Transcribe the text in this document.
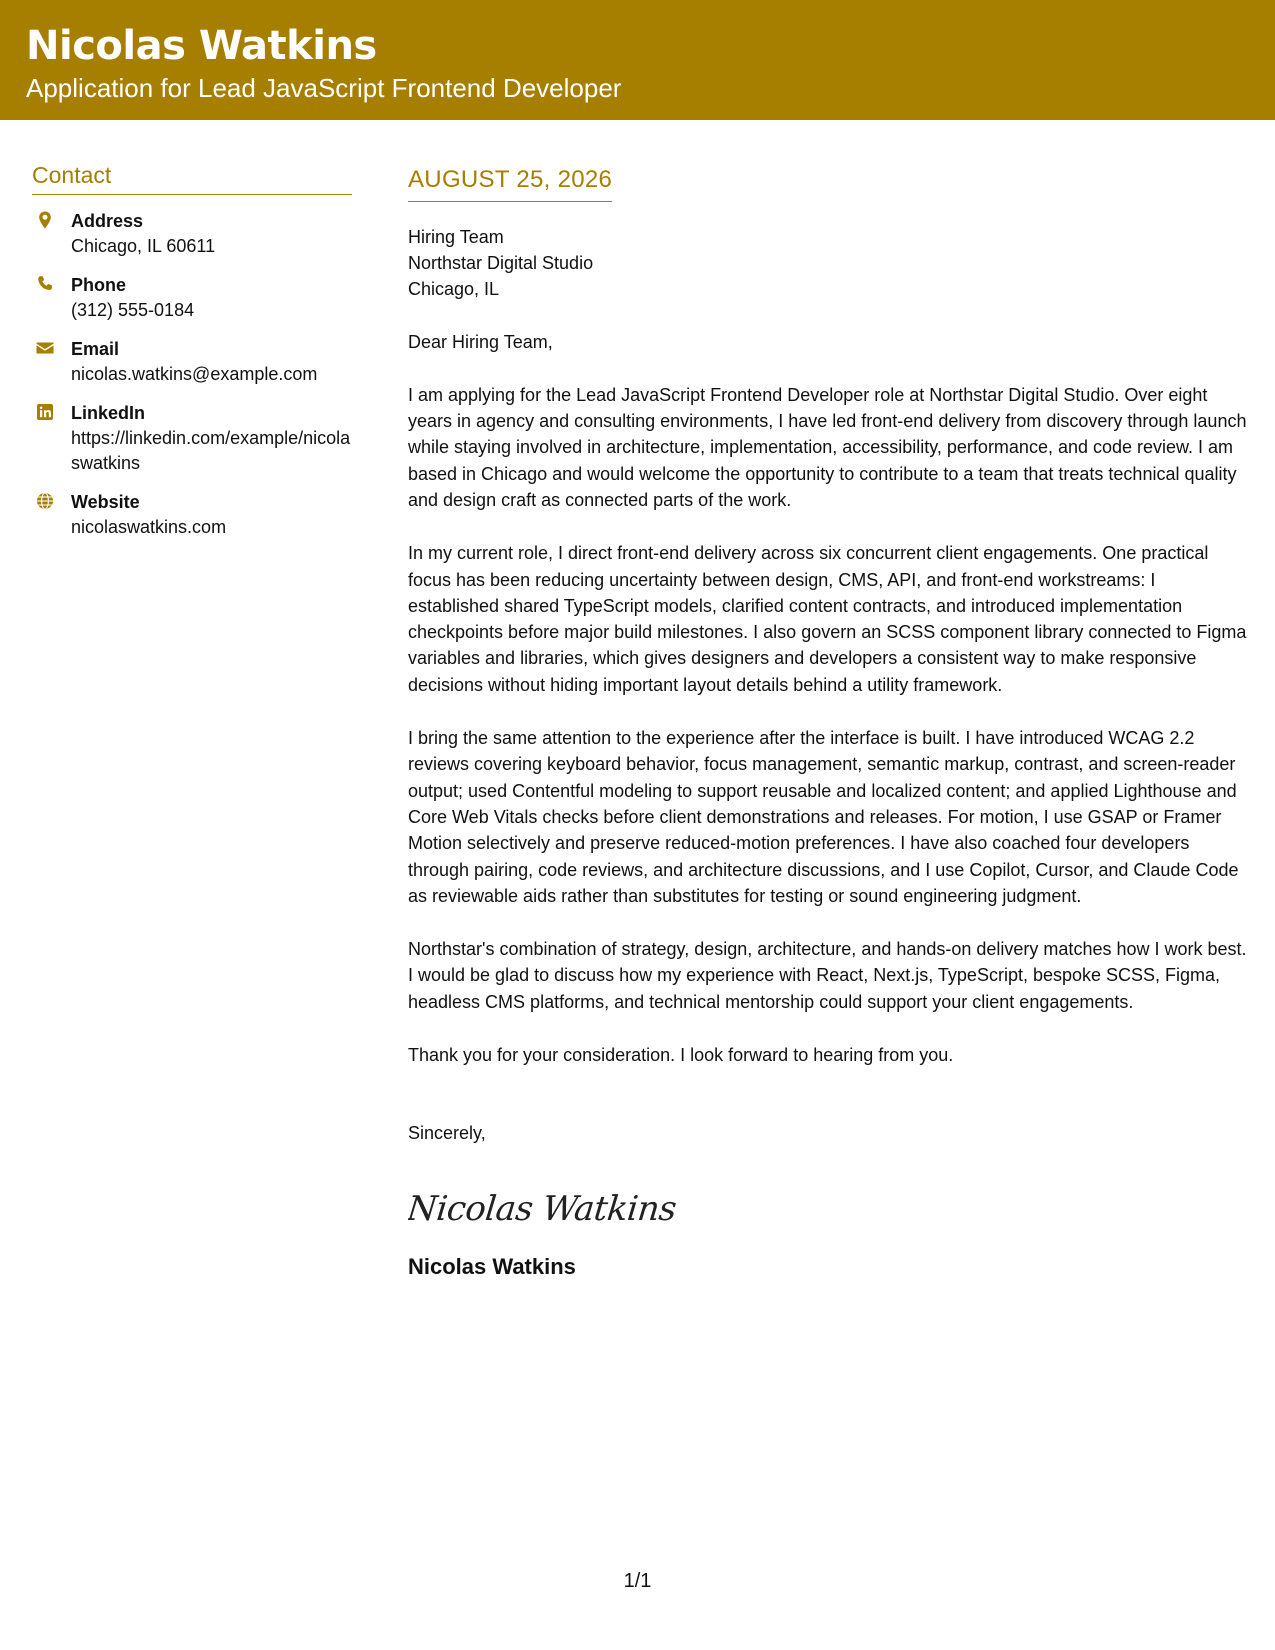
Nicolas Watkins
Application for Lead JavaScript Frontend Developer
Contact
Address
Chicago, IL 60611
Phone
(312) 555-0184
Email
nicolas.watkins@example.com
LinkedIn
https://linkedin.com/example/nicolaswatkins
Website
nicolaswatkins.com
AUGUST 25, 2026
Hiring Team
Northstar Digital Studio
Chicago, IL
Dear Hiring Team,
I am applying for the Lead JavaScript Frontend Developer role at Northstar Digital Studio. Over eight years in agency and consulting environments, I have led front-end delivery from discovery through launch while staying involved in architecture, implementation, accessibility, performance, and code review. I am based in Chicago and would welcome the opportunity to contribute to a team that treats technical quality and design craft as connected parts of the work.
In my current role, I direct front-end delivery across six concurrent client engagements. One practical focus has been reducing uncertainty between design, CMS, API, and front-end workstreams: I established shared TypeScript models, clarified content contracts, and introduced implementation checkpoints before major build milestones. I also govern an SCSS component library connected to Figma variables and libraries, which gives designers and developers a consistent way to make responsive decisions without hiding important layout details behind a utility framework.
I bring the same attention to the experience after the interface is built. I have introduced WCAG 2.2 reviews covering keyboard behavior, focus management, semantic markup, contrast, and screen-reader output; used Contentful modeling to support reusable and localized content; and applied Lighthouse and Core Web Vitals checks before client demonstrations and releases. For motion, I use GSAP or Framer Motion selectively and preserve reduced-motion preferences. I have also coached four developers through pairing, code reviews, and architecture discussions, and I use Copilot, Cursor, and Claude Code as reviewable aids rather than substitutes for testing or sound engineering judgment.
Northstar's combination of strategy, design, architecture, and hands-on delivery matches how I work best. I would be glad to discuss how my experience with React, Next.js, TypeScript, bespoke SCSS, Figma, headless CMS platforms, and technical mentorship could support your client engagements.
Thank you for your consideration. I look forward to hearing from you.
Sincerely,
Nicolas Watkins
Nicolas Watkins
1/1
